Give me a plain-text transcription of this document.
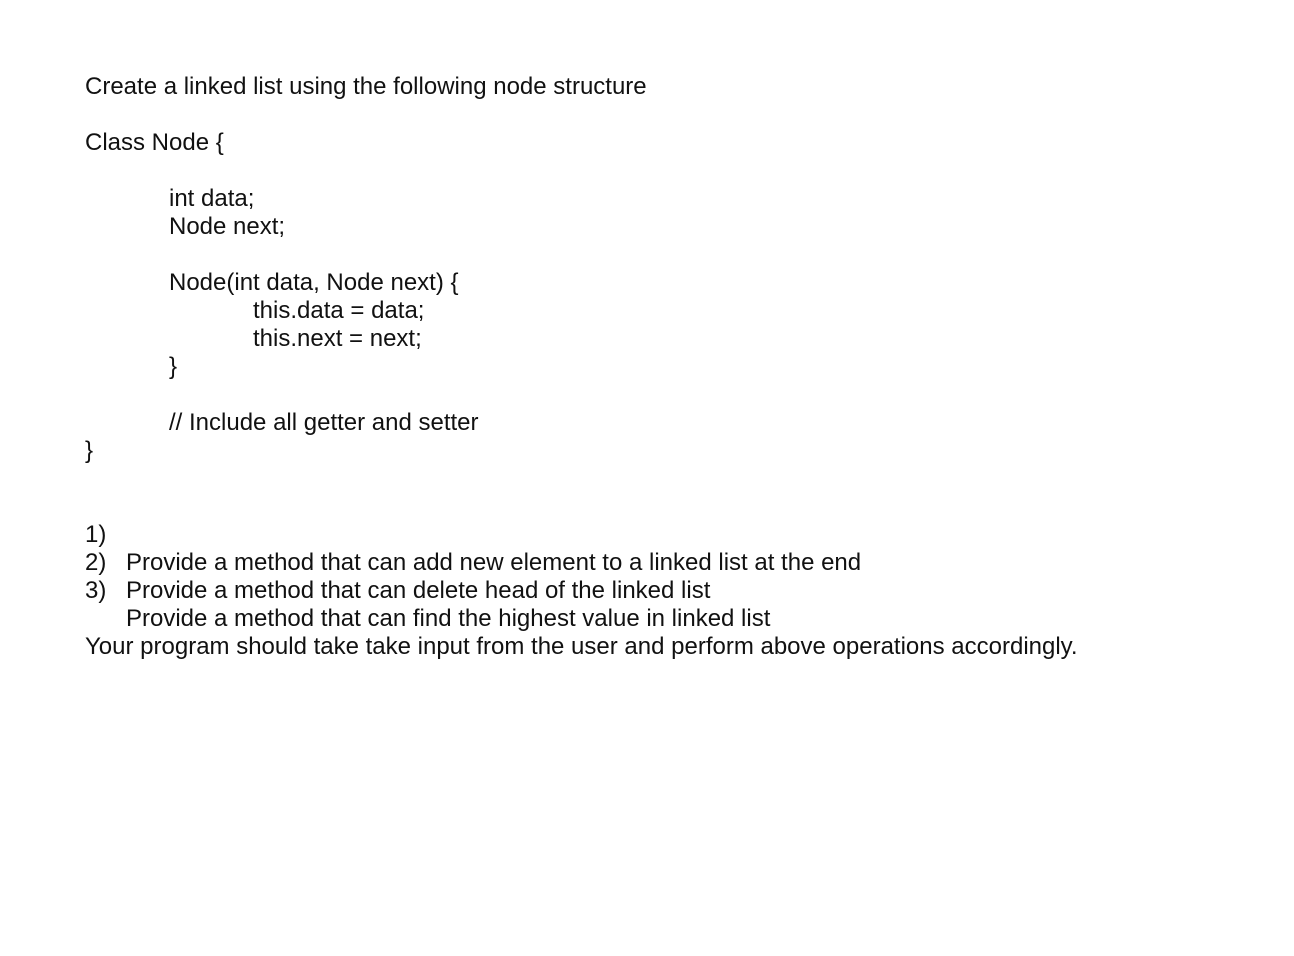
Create a linked list using the following node structure
Class Node {
int data;
Node next;
Node(int data, Node next) {
this.data = data;
this.next = next;
}
// Include all getter and setter
}

1)

Provide a method that can add new element to a linked list at the end

2)

Provide a method that can delete head of the linked list

3)

Provide a method that can find the highest value in linked list

Your program should take take input from the user and perform above operations accordingly.
